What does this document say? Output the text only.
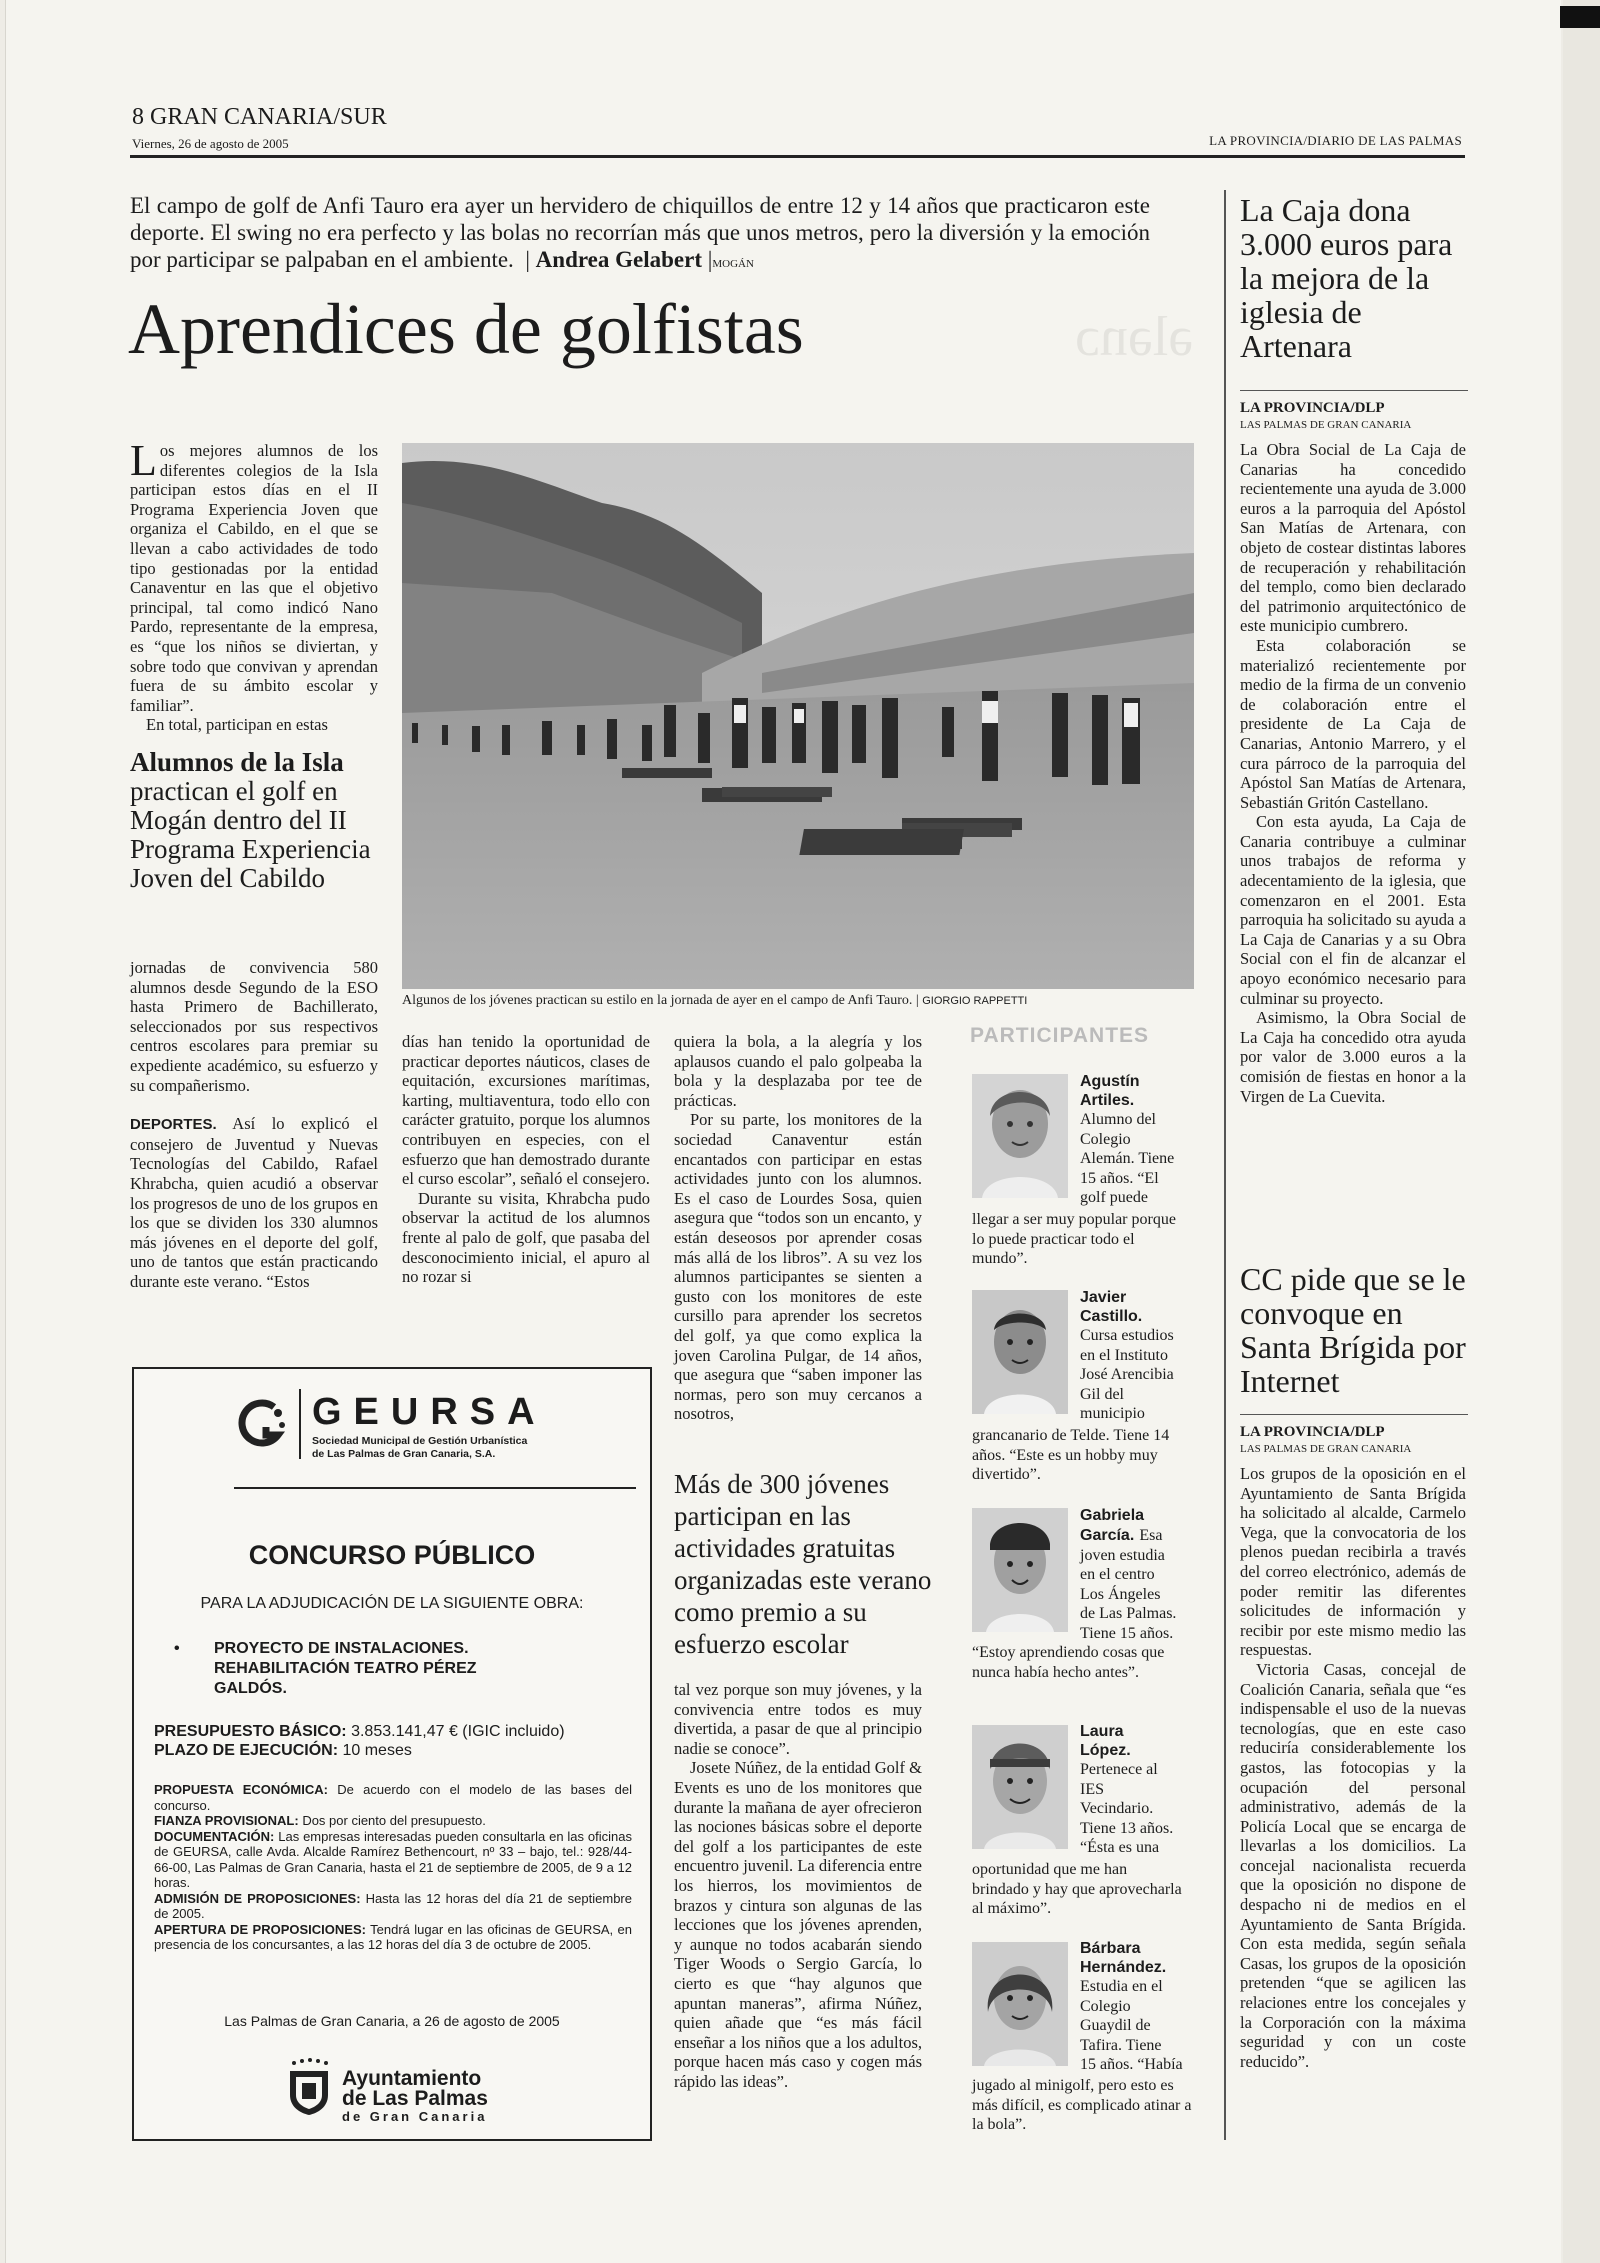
ǝlǝnɔ
8 GRAN CANARIA/SUR
Viernes, 26 de agosto de 2005	LA PROVINCIA/DIARIO DE LAS PALMAS
El campo de golf de Anfi Tauro era ayer un hervidero de chiquillos de entre 12 y 14 años que practicaron este deporte. El swing no era perfecto y las bolas no recorrían más que unos metros, pero la diversión y la emoción por participar se palpaban en el ambiente.  | Andrea Gelabert |MOGÁN
Aprendices de golfistas
Los mejores alumnos de los diferentes colegios de la Isla participan estos días en el II Programa Experiencia Joven que organiza el Cabildo, en el que se llevan a cabo actividades de todo tipo gestionadas por la entidad Canaventur en las que el objetivo principal, tal como indicó Nano Pardo, representante de la empresa, es “que los niños se diviertan, y sobre todo que convivan y aprendan fuera de su ámbito escolar y familiar”.
En total, participan en estas
Alumnos de la Isla
practican el golf en Mogán dentro del II Programa Experiencia Joven del Cabildo
jornadas de convivencia 580 alumnos desde Segundo de la ESO hasta Primero de Bachillerato, seleccionados por sus respectivos centros escolares para premiar su expediente académico, su esfuerzo y su compañerismo.
DEPORTES. Así lo explicó el consejero de Juventud y Nuevas Tecnologías del Cabildo, Rafael Khrabcha, quien acudió a observar los progresos de uno de los grupos en los que se dividen los 330 alumnos más jóvenes en el deporte del golf, uno de tantos que están practicando durante este verano. “Estos
Algunos de los jóvenes practican su estilo en la jornada de ayer en el campo de Anfi Tauro. | GIORGIO RAPPETTI
días han tenido la oportunidad de practicar deportes náuticos, clases de equitación, excursiones marítimas, karting, multiaventura, todo ello con carácter gratuito, porque los alumnos contribuyen en especies, con el esfuerzo que han demostrado durante el curso escolar”, señaló el consejero.
Durante su visita, Khrabcha pudo observar la actitud de los alumnos frente al palo de golf, que pasaba del desconocimiento inicial, el apuro al no rozar si
quiera la bola, a la alegría y los aplausos cuando el palo golpeaba la bola y la desplazaba por tee de prácticas.
Por su parte, los monitores de la sociedad Canaventur están encantados con participar en estas actividades junto con los alumnos. Es el caso de Lourdes Sosa, quien asegura que “todos son un encanto, y están deseosos por aprender cosas más allá de los libros”. A su vez los alumnos participantes se sienten a gusto con los monitores de este cursillo para aprender los secretos del golf, ya que como explica la joven Carolina Pulgar, de 14 años, que asegura que “saben imponer las normas, pero son muy cercanos a nosotros,
Más de 300 jóvenes participan en las actividades gratuitas organizadas este verano como premio a su esfuerzo escolar
tal vez porque son muy jóvenes, y la convivencia entre todos es muy divertida, a pasar de que al principio nadie se conoce”.
Josete Núñez, de la entidad Golf & Events es uno de los monitores que durante la mañana de ayer ofrecieron las nociones básicas sobre el deporte del golf a los participantes de este encuentro juvenil. La diferencia entre los hierros, los movimientos de brazos y cintura son algunas de las lecciones que los jóvenes aprenden, y aunque no todos acabarán siendo Tiger Woods o Sergio García, lo cierto es que “hay algunos que apuntan maneras”, afirma Núñez, quien añade que “es más fácil enseñar a los niños que a los adultos, porque hacen más caso y cogen más rápido las ideas”.
PARTICIPANTES
Agustín
Artiles.
Alumno del
Colegio
Alemán. Tiene
15 años. “El
golf puede
llegar a ser muy popular porque lo puede practicar todo el mundo”.
Javier
Castillo.
Cursa estudios
en el Instituto
José Arencibia
Gil del
municipio
grancanario de Telde. Tiene 14 años. “Este es un hobby muy divertido”.
Gabriela
García. Esa
joven estudia
en el centro
Los Ángeles
de Las Palmas.
Tiene 15 años.
“Estoy aprendiendo cosas que nunca había hecho antes”.
Laura
López.
Pertenece al
IES
Vecindario.
Tiene 13 años.
“Ésta es una
oportunidad que me han brindado y hay que aprovecharla al máximo”.
Bárbara
Hernández.
Estudia en el
Colegio
Guaydil de
Tafira. Tiene
15 años. “Había
jugado al minigolf, pero esto es más difícil, es complicado atinar a la bola”.
La Caja dona 3.000 euros para la mejora de la iglesia de Artenara
LA PROVINCIA/DLP
LAS PALMAS DE GRAN CANARIA
La Obra Social de La Caja de Canarias ha concedido recientemente una ayuda de 3.000 euros a la parroquia del Apóstol San Matías de Artenara, con objeto de costear distintas labores de recuperación y rehabilitación del templo, como bien declarado del patrimonio arquitectónico de este municipio cumbrero.
Esta colaboración se materializó recientemente por medio de la firma de un convenio de colaboración entre el presidente de La Caja de Canarias, Antonio Marrero, y el cura párroco de la parroquia del Apóstol San Matías de Artenara, Sebastián Gritón Castellano.
Con esta ayuda, La Caja de Canaria contribuye a culminar unos trabajos de reforma y adecentamiento de la iglesia, que comenzaron en el 2001. Esta parroquia ha solicitado su ayuda a La Caja de Canarias y a su Obra Social con el fin de alcanzar el apoyo económico necesario para culminar su proyecto.
Asimismo, la Obra Social de La Caja ha concedido otra ayuda por valor de 3.000 euros a la comisión de fiestas en honor a la Virgen de La Cuevita.
CC pide que se le convoque en Santa Brígida por Internet
LA PROVINCIA/DLP
LAS PALMAS DE GRAN CANARIA
Los grupos de la oposición en el Ayuntamiento de Santa Brígida ha solicitado al alcalde, Carmelo Vega, que la convocatoria de los plenos puedan recibirla a través del correo electrónico, además de poder remitir las diferentes solicitudes de información y recibir por este mismo medio las respuestas.
Victoria Casas, concejal de Coalición Canaria, señala que “es indispensable el uso de la nuevas tecnologías, que en este caso reduciría considerablemente los gastos, las fotocopias y la ocupación del personal administrativo, además de la Policía Local que se encarga de llevarlas a los domicilios. La concejal nacionalista recuerda que la oposición no dispone de despacho ni de medios en el Ayuntamiento de Santa Brígida. Con esta medida, según señala Casas, los grupos de la oposición pretenden “que se agilicen las relaciones entre los concejales y la Corporación con la máxima seguridad y con un coste reducido”.
GEURSA
Sociedad Municipal de Gestión Urbanística
de Las Palmas de Gran Canaria, S.A.
CONCURSO PÚBLICO
PARA LA ADJUDICACIÓN DE LA SIGUIENTE OBRA:
•	PROYECTO DE INSTALACIONES. REHABILITACIÓN TEATRO PÉREZ GALDÓS.
PRESUPUESTO BÁSICO: 3.853.141,47 € (IGIC incluido)
PLAZO DE EJECUCIÓN: 10 meses
PROPUESTA ECONÓMICA: De acuerdo con el modelo de las bases del concurso.
FIANZA PROVISIONAL: Dos por ciento del presupuesto.
DOCUMENTACIÓN: Las empresas interesadas pueden consultarla en las oficinas de GEURSA, calle Avda. Alcalde Ramírez Bethencourt, nº 33 – bajo, tel.: 928/44-66-00, Las Palmas de Gran Canaria, hasta el 21 de septiembre de 2005, de 9 a 12 horas.
ADMISIÓN DE PROPOSICIONES: Hasta las 12 horas del día 21 de septiembre de 2005.
APERTURA DE PROPOSICIONES: Tendrá lugar en las oficinas de GEURSA, en presencia de los concursantes, a las 12 horas del día 3 de octubre de 2005.
Las Palmas de Gran Canaria, a 26 de agosto de 2005
Ayuntamiento
de Las Palmas
de Gran Canaria
